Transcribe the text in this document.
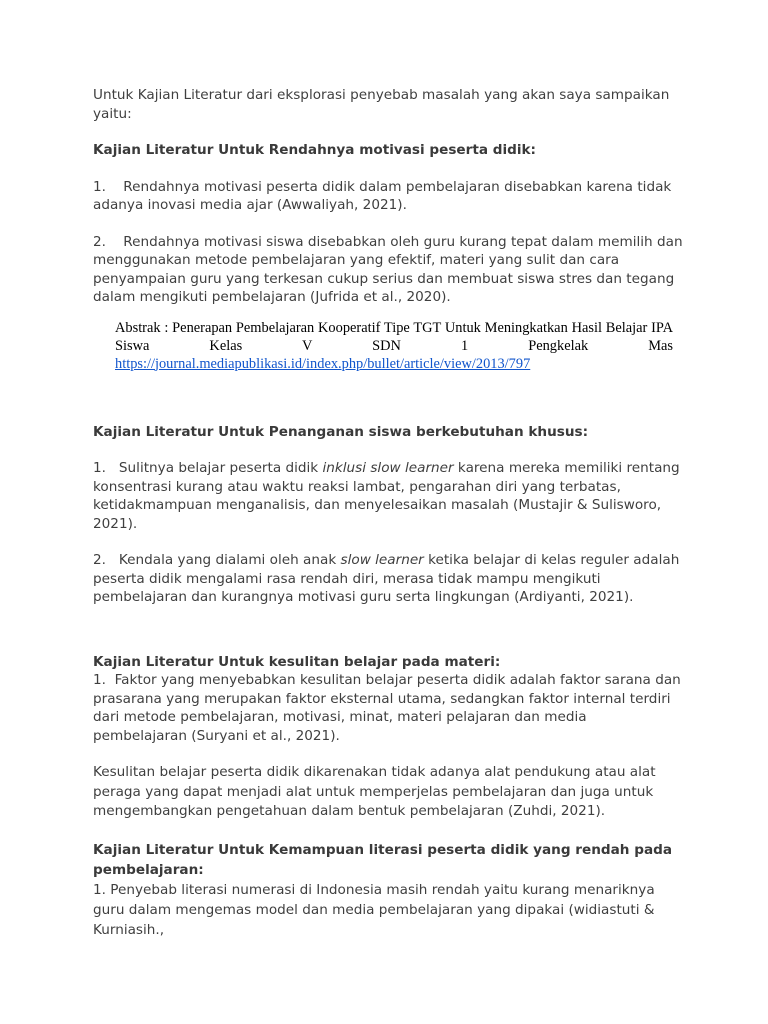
Untuk Kajian Literatur dari eksplorasi penyebab masalah yang akan saya sampaikan yaitu:

Kajian Literatur Untuk Rendahnya motivasi peserta didik:

1.    Rendahnya motivasi peserta didik dalam pembelajaran disebabkan karena tidak adanya inovasi media ajar (Awwaliyah, 2021).

2.    Rendahnya motivasi siswa disebabkan oleh guru kurang tepat dalam memilih dan menggunakan metode pembelajaran yang efektif, materi yang sulit dan cara penyampaian guru yang terkesan cukup serius dan membuat siswa stres dan tegang dalam mengikuti pembelajaran (Jufrida et al., 2020).

Abstrak : Penerapan Pembelajaran Kooperatif Tipe TGT Untuk Meningkatkan Hasil Belajar IPA Siswa Kelas V SDN 1 Pengkelak Mas

https://journal.mediapublikasi.id/index.php/bullet/article/view/2013/797

Kajian Literatur Untuk Penanganan siswa berkebutuhan khusus:

1.   Sulitnya belajar peserta didik inklusi slow learner karena mereka memiliki rentang konsentrasi kurang atau waktu reaksi lambat, pengarahan diri yang terbatas, ketidakmampuan menganalisis, dan menyelesaikan masalah (Mustajir & Sulisworo, 2021).

2.   Kendala yang dialami oleh anak slow learner ketika belajar di kelas reguler adalah peserta didik mengalami rasa rendah diri, merasa tidak mampu mengikuti pembelajaran dan kurangnya motivasi guru serta lingkungan (Ardiyanti, 2021).

Kajian Literatur Untuk kesulitan belajar pada materi:

1.  Faktor yang menyebabkan kesulitan belajar peserta didik adalah faktor sarana dan prasarana yang merupakan faktor eksternal utama, sedangkan faktor internal terdiri dari metode pembelajaran, motivasi, minat, materi pelajaran dan media pembelajaran (Suryani et al., 2021).

Kesulitan belajar peserta didik dikarenakan tidak adanya alat pendukung atau alat peraga yang dapat menjadi alat untuk memperjelas pembelajaran dan juga untuk mengembangkan pengetahuan dalam bentuk pembelajaran (Zuhdi, 2021).

Kajian Literatur Untuk Kemampuan literasi peserta didik yang rendah pada pembelajaran:

1. Penyebab literasi numerasi di Indonesia masih rendah yaitu kurang menariknya guru dalam mengemas model dan media pembelajaran yang dipakai (widiastuti & Kurniasih.,
